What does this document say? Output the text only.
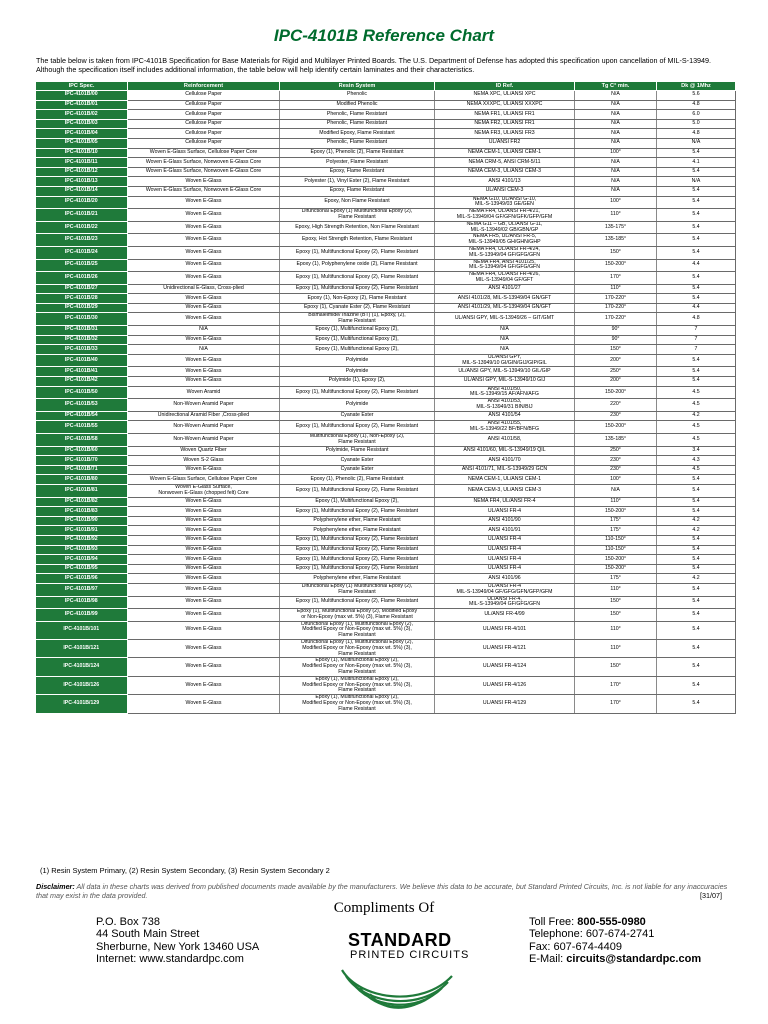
IPC-4101B Reference Chart
The table below is taken from IPC-4101B Specification for Base Materials for Rigid and Multilayer Printed Boards. The U.S. Department of Defense has adopted this specification upon cancellation of MIL-S-13949. Although the specification itself includes additional information, the table below will help identify certain laminates and their characteristics.
IPC Spec.	Reinforcement	Resin System	ID Ref.	Tg C° min.	Dk @ 1Mhz
IPC-4101B/00	Cellulose Paper	Phenolic	NEMA XPC, UL/ANSI XPC	N/A	5.6
IPC-4101B/01	Cellulose Paper	Modified Phenolic	NEMA XXXPC, UL/ANSI XXXPC	N/A	4.8
IPC-4101B/02	Cellulose Paper	Phenolic, Flame Resistant	NEMA FR1, UL/ANSI FR1	N/A	6.0
IPC-4101B/03	Cellulose Paper	Phenolic, Flame Resistant	NEMA FR2, UL/ANSI FR1	N/A	5.0
IPC-4101B/04	Cellulose Paper	Modified Epoxy, Flame Resistant	NEMA FR3, UL/ANSI FR3	N/A	4.8
IPC-4101B/05	Cellulose Paper	Phenolic, Flame Resistant	UL/ANSI FR2	N/A	N/A
IPC-4101B/10	Woven E-Glass Surface, Cellulose Paper Core	Epoxy (1), Phenolic (2), Flame Resistant	NEMA CEM-1, UL/ANSI CEM-1	100°	5.4
IPC-4101B/11	Woven E-Glass Surface, Nonwoven E-Glass Core	Polyester, Flame Resistant	NEMA CRM-5, ANSI CRM-5/11	N/A	4.1
IPC-4101B/12	Woven E-Glass Surface, Nonwoven E-Glass Core	Epoxy, Flame Resistant	NEMA CEM-3, UL/ANSI CEM-3	N/A	5.4
IPC-4101B/13	Woven E-Glass	Polyester (1), Vinyl Ester (2), Flame Resistant	ANSI 4101/13	N/A	N/A
IPC-4101B/14	Woven E-Glass Surface, Nonwoven E-Glass Core	Epoxy, Flame Resistant	UL/ANSI CEM-3	N/A	5.4
IPC-4101B/20	Woven E-Glass	Epoxy, Non Flame Resistant	NEMA G10, UL/ANSI G-10,
MIL-S-13949/03 GE/GEN	100°	5.4
IPC-4101B/21	Woven E-Glass	Difunctional Epoxy (1) Multifunctional Epoxy (2),
Flame Resistant	NEMA FR4, UL/ANSI FR-4/21,
MIL-S-13949/04 GF/GFN/GFK/GFP/GFM	110°	5.4
IPC-4101B/22	Woven E-Glass	Epoxy, High Strength Retention, Non Flame Resistant	NEMA G11 – GB, UL/ANSI G-11,
MIL-S-13949/02 GB/GBN/GP	135-175°	5.4
IPC-4101B/23	Woven E-Glass	Epoxy, Hot Strength Retention, Flame Resistant	NEMA FR5, UL/ANSI FR-5,
MIL-S-13949/05 GH/GHN/GHP	135-185°	5.4
IPC-4101B/24	Woven E-Glass	Epoxy (1), Multifunctional Epoxy (2), Flame Resistant	NEMA FR4, UL/ANSI FR-4/24,
MIL-S-13949/04 GF/GFG/GFN	150°	5.4
IPC-4101B/25	Woven E-Glass	Epoxy (1), Polyphenylene oxide (2), Flame Resistant	NEMA FR4, ANSI 4101/25,
MIL-S-13949/04 GF/GFG/GFN	150-200°	4.4
IPC-4101B/26	Woven E-Glass	Epoxy (1), Multifunctional Epoxy (2), Flame Resistant	NEMA FR4, UL/ANSI FR-4/26,
MIL-S-13949/04 GF/GFT	170°	5.4
IPC-4101B/27	Unidirectional E-Glass, Cross-plied	Epoxy (1), Multifunctional Epoxy (2), Flame Resistant	ANSI 4101/27	110°	5.4
IPC-4101B/28	Woven E-Glass	Epoxy (1), Non-Epoxy (2), Flame Resistant	ANSI 4101/28, MIL-S-13949/04 GN/GFT	170-220°	5.4
IPC-4101B/29	Woven E-Glass	Epoxy (1), Cyanate Ester (2), Flame Resistant	ANSI 4101/29, MIL-S-13949/04 GN/GFT	170-220°	4.4
IPC-4101B/30	Woven E-Glass	Bismaleimide/Triazine (BT) (1), Epoxy, (2),
Flame Resistant	UL/ANSI GPY, MIL-S-13949/26 – GIT/GMT	170-220°	4.8
IPC-4101B/31	N/A	Epoxy (1), Multifunctional Epoxy (2),	N/A	90°	7
IPC-4101B/32	Woven E-Glass	Epoxy (1), Multifunctional Epoxy (2),	N/A	90°	7
IPC-4101B/33	N/A	Epoxy (1), Multifunctional Epoxy (2),	N/A	150°	7
IPC-4101B/40	Woven E-Glass	Polyimide	UL/ANSI GPY,
MIL-S-13949/10 GI/GIN/GIJ/GIP/GIL	200°	5.4
IPC-4101B/41	Woven E-Glass	Polyimide	UL/ANSI GPY, MIL-S-13949/10 GIL/GIP	250°	5.4
IPC-4101B/42	Woven E-Glass	Polyimide (1), Epoxy (2),	UL/ANSI GPY, MIL-S-13949/10 GIJ	200°	5.4
IPC-4101B/50	Woven Aramid	Epoxy (1), Multifunctional Epoxy (2), Flame Resistant	ANSI 4101/50,
MIL-S-13949/15 AF/AFN/AFG	150-200°	4.5
IPC-4101B/53	Non-Woven Aramid Paper	Polyimide	ANSI 4101/53,
MIL-S-13949/31 BIN/BIJ	220°	4.5
IPC-4101B/54	Unidirectional Aramid Fiber ,Cross-plied	Cyanate Ester	ANSI 4101/54	230°	4.2
IPC-4101B/55	Non-Woven Aramid Paper	Epoxy (1), Multifunctional Epoxy (2), Flame Resistant	ANSI 4101/55,
MIL-S-13949/22 BF/BFN/BFG	150-200°	4.5
IPC-4101B/58	Non-Woven Aramid Paper	Multifunctional Epoxy (1), Non-Epoxy (2),
Flame Resistant	ANSI 4101/58,	135-185°	4.5
IPC-4101B/60	Woven Quartz Fiber	Polyimide, Flame Resistant	ANSI 4101/60, MIL-S-13949/19 QIL	250°	3.4
IPC-4101B/70	Woven S-2 Glass	Cyanate Ester	ANSI 4101/70	230°	4.3
IPC-4101B/71	Woven E-Glass	Cyanate Ester	ANSI 4101/71, MIL-S-13949/29 GCN	230°	4.5
IPC-4101B/80	Woven E-Glass Surface, Cellulose Paper Core	Epoxy (1), Phenolic (2), Flame Resistant	NEMA CEM-1, UL/ANSI CEM-1	100°	5.4
IPC-4101B/81	Woven E-Glass Surface,
Nonwoven E-Glass (chopped felt) Core	Epoxy (1), Multifunctional Epoxy (2), Flame Resistant	NEMA CEM-3, UL/ANSI CEM-3	N/A	5.4
IPC-4101B/82	Woven E-Glass	Epoxy (1), Multifunctional Epoxy (2),	NEMA FR4, UL/ANSI FR-4	110°	5.4
IPC-4101B/83	Woven E-Glass	Epoxy (1), Multifunctional Epoxy (2), Flame Resistant	UL/ANSI FR-4	150-200°	5.4
IPC-4101B/90	Woven E-Glass	Polyphenylene ether, Flame Resistant	ANSI 4101/90	175°	4.2
IPC-4101B/91	Woven E-Glass	Polyphenylene ether, Flame Resistant	ANSI 4101/91	175°	4.2
IPC-4101B/92	Woven E-Glass	Epoxy (1), Multifunctional Epoxy (2), Flame Resistant	UL/ANSI FR-4	110-150°	5.4
IPC-4101B/93	Woven E-Glass	Epoxy (1), Multifunctional Epoxy (2), Flame Resistant	UL/ANSI FR-4	110-150°	5.4
IPC-4101B/94	Woven E-Glass	Epoxy (1), Multifunctional Epoxy (2), Flame Resistant	UL/ANSI FR-4	150-200°	5.4
IPC-4101B/95	Woven E-Glass	Epoxy (1), Multifunctional Epoxy (2), Flame Resistant	UL/ANSI FR-4	150-200°	5.4
IPC-4101B/96	Woven E-Glass	Polyphenylene ether, Flame Resistant	ANSI 4101/96	175°	4.2
IPC-4101B/97	Woven E-Glass	Difunctional Epoxy (1) Multifunctional Epoxy (2),
Flame Resistant	UL/ANSI FR-4
MIL-S-13949/04 GF/GFG/GFN/GFP/GFM	110°	5.4
IPC-4101B/98	Woven E-Glass	Epoxy (1), Multifunctional Epoxy (2), Flame Resistant	UL/ANSI FR-4,
MIL-S-13949/04 GF/GFG/GFN	150°	5.4
IPC-4101B/99	Woven E-Glass	Epoxy (1), Multifunctional Epoxy (2), Modified Epoxy
or Non-Epoxy (max wt. 5%) (3), Flame Resistant	UL/ANSI FR-4/99	150°	5.4
IPC-4101B/101	Woven E-Glass	Difunctional Epoxy (1), Multifunctional Epoxy (2),
Modified Epoxy or Non-Epoxy (max wt. 5%) (3),
Flame Resistant	UL/ANSI FR-4/101	110°	5.4
IPC-4101B/121	Woven E-Glass	Difunctional Epoxy (1), Multifunctional Epoxy (2),
Modified Epoxy or Non-Epoxy (max wt. 5%) (3),
Flame Resistant	UL/ANSI FR-4/121	110°	5.4
IPC-4101B/124	Woven E-Glass	Epoxy (1), Multifunctional Epoxy (2),
Modified Epoxy or Non-Epoxy (max wt. 5%) (3),
Flame Resistant	UL/ANSI FR-4/124	150°	5.4
IPC-4101B/126	Woven E-Glass	Epoxy (1), Multifunctional Epoxy (2),
Modified Epoxy or Non-Epoxy (max wt. 5%) (3),
Flame Resistant	UL/ANSI FR-4/126	170°	5.4
IPC-4101B/129	Woven E-Glass	Epoxy (1), Multifunctional Epoxy (2),
Modified Epoxy or Non-Epoxy (max wt. 5%) (3),
Flame Resistant	UL/ANSI FR-4/129	170°	5.4
(1) Resin System Primary, (2) Resin System Secondary, (3) Resin System Secondary 2
Disclaimer: All data in these charts was derived from published documents made available by the manufacturers. We believe this data to be accurate, but Standard Printed Circuits, Inc. is not liable for any inaccuracies that may exist in the data provided.	[31/07]
Compliments Of
P.O. Box 738
44 South Main Street
Sherburne, New York 13460 USA
Internet: www.standardpc.com
Toll Free: 800-555-0980
Telephone: 607-674-2741
Fax: 607-674-4409
E-Mail: circuits@standardpc.com
STANDARD
PRINTED CIRCUITS
